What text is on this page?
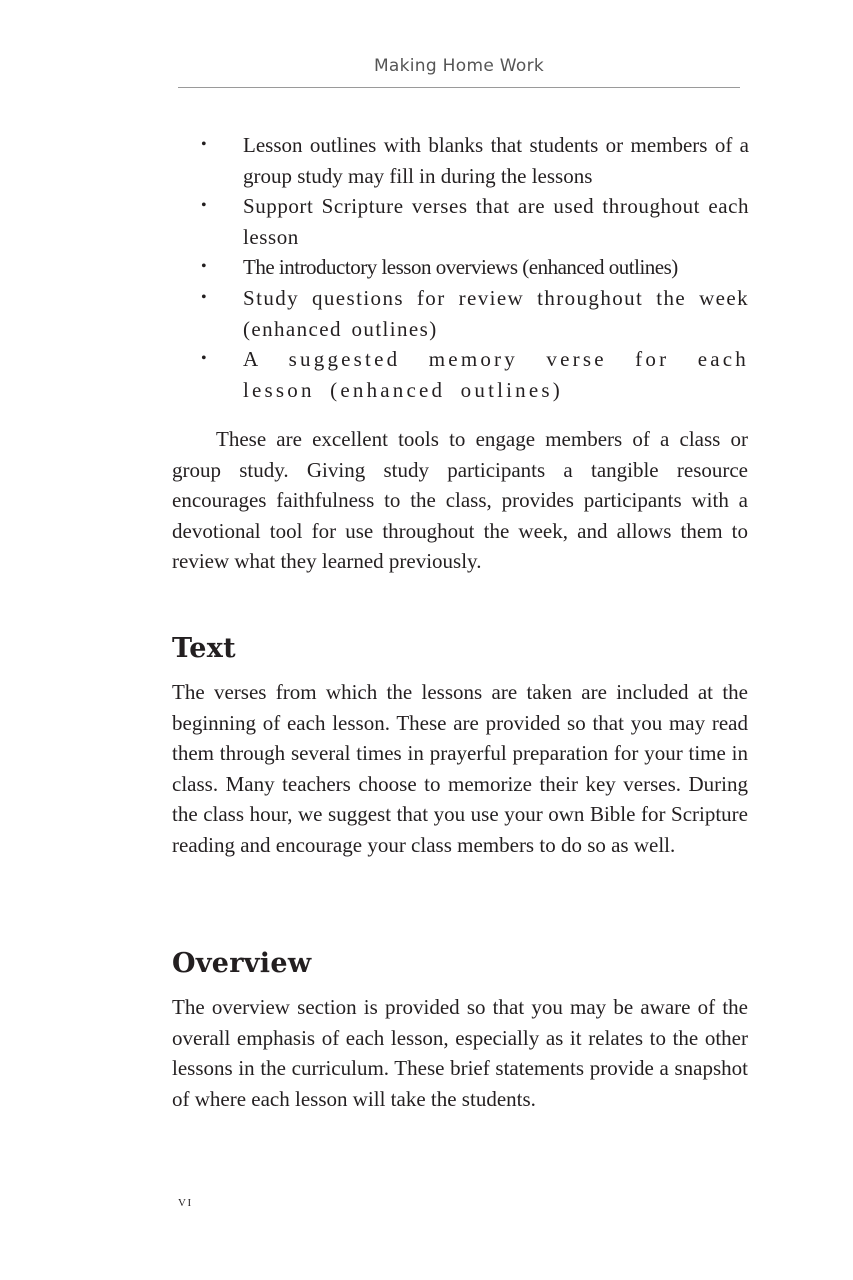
Making Home Work
• Lesson outlines with blanks that students or members of a group study may fill in during the lessons
• Support Scripture verses that are used throughout each lesson
• The introductory lesson overviews (enhanced outlines)
• Study questions for review throughout the week (enhanced outlines)
• A suggested memory verse for each lesson (enhanced outlines)

These are excellent tools to engage members of a class or group study. Giving study participants a tangible resource encourages faithfulness to the class, provides participants with a devotional tool for use throughout the week, and allows them to review what they learned previously.

Text

The verses from which the lessons are taken are included at the beginning of each lesson. These are provided so that you may read them through several times in prayerful preparation for your time in class. Many teachers choose to memorize their key verses. During the class hour, we suggest that you use your own Bible for Scripture reading and encourage your class members to do so as well.

Overview

The overview section is provided so that you may be aware of the overall emphasis of each lesson, especially as it relates to the other lessons in the curriculum. These brief statements provide a snapshot of where each lesson will take the students.

vi
